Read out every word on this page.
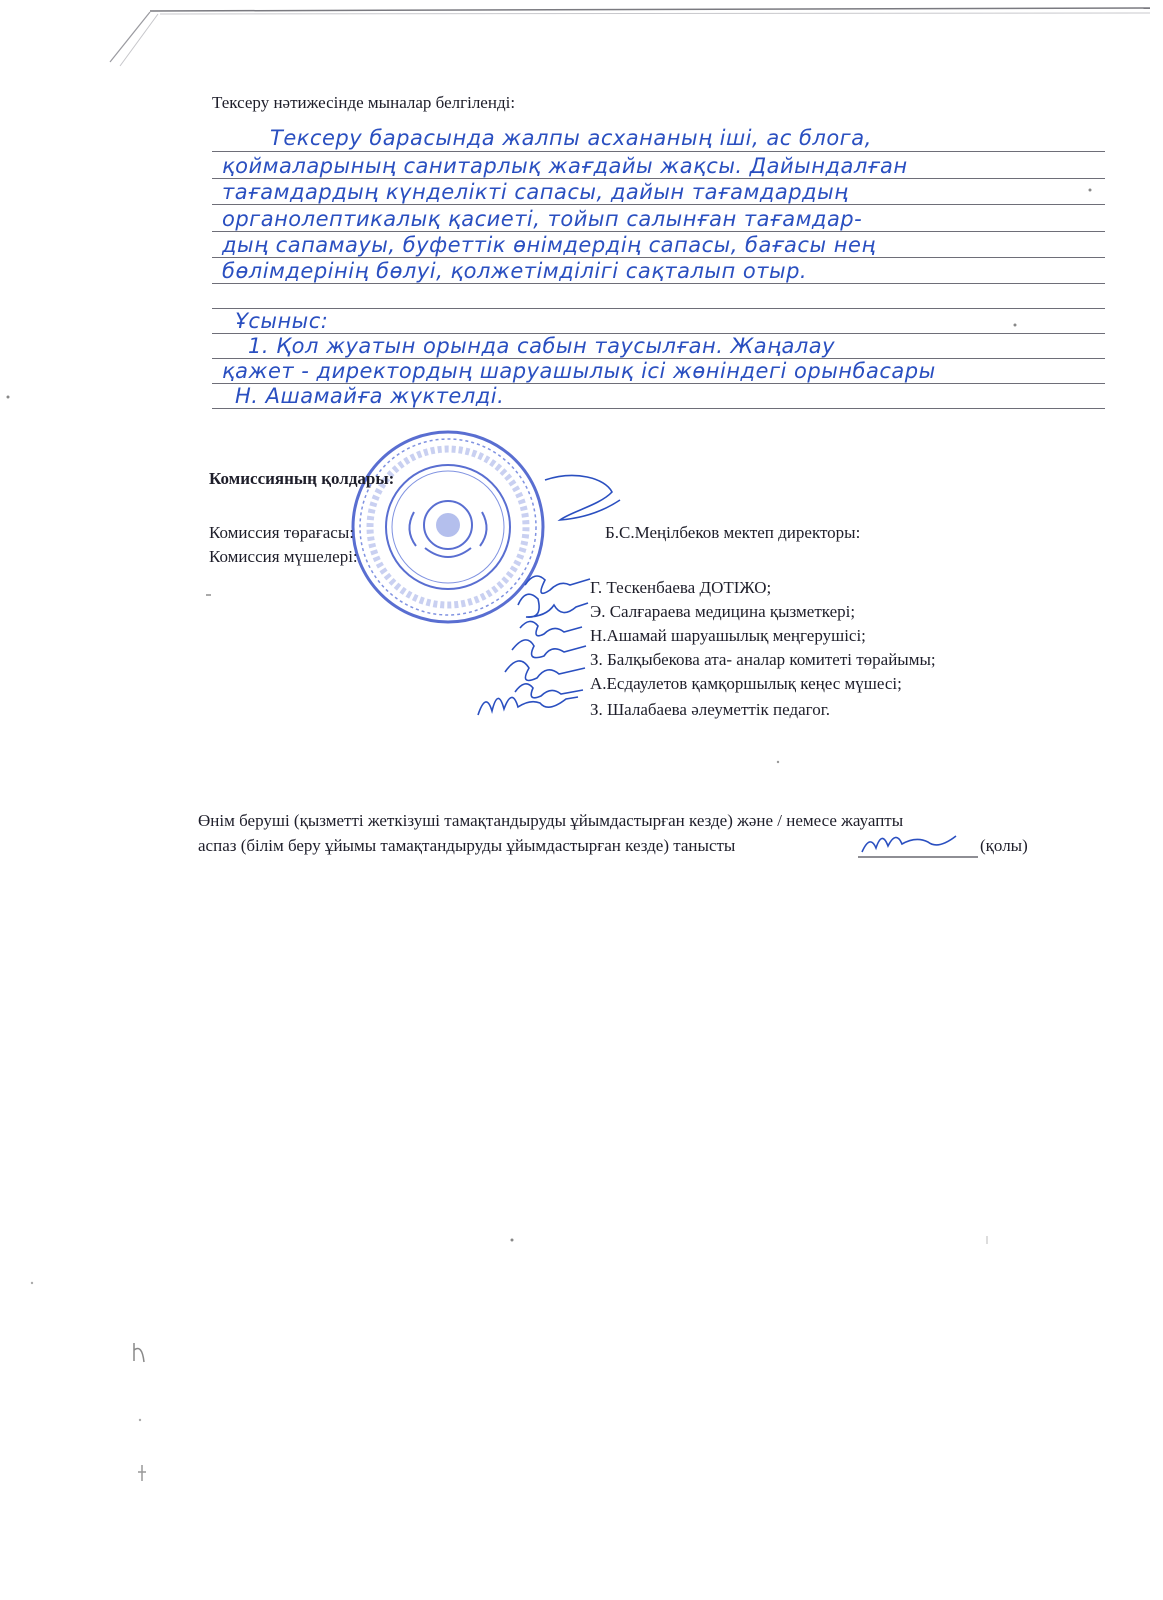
Тексеру нәтижесінде мыналар белгіленді:
Тексеру барасында жалпы асхананың іші, ас блога,
қоймаларының санитарлық жағдайы жақсы. Дайындалған
тағамдардың күнделікті сапасы, дайын тағамдардың
органолептикалық қасиеті, тойып салынған тағамдар-
дың сапамауы, буфеттік өнімдердің сапасы, бағасы нең
бөлімдерінің бөлуі, қолжетімділігі сақталып отыр.
Ұсыныс:
1. Қол жуатын орында сабын таусылған. Жаңалау
қажет - директордың шаруашылық ісі жөніндегі орынбасары
Н. Ашамайға жүктелді.
Комиссияның қолдары:
Комиссия төрағасы:	Б.С.Меңілбеков мектеп директоры:
Комиссия мүшелері:
Г. Тескенбаева ДОТІЖО;
Э. Салғараева медицина қызметкері;
Н.Ашамай шаруашылық меңгерушісі;
З. Балқыбекова ата- аналар комитеті төрайымы;
А.Есдаулетов қамқоршылық кеңес мүшесі;
З. Шалабаева әлеуметтік педагог.
Өнім беруші (қызметті жеткізуші тамақтандыруды ұйымдастырған кезде) және / немесе жауапты
аспаз (білім беру ұйымы тамақтандыруды ұйымдастырған кезде) танысты	(қолы)
